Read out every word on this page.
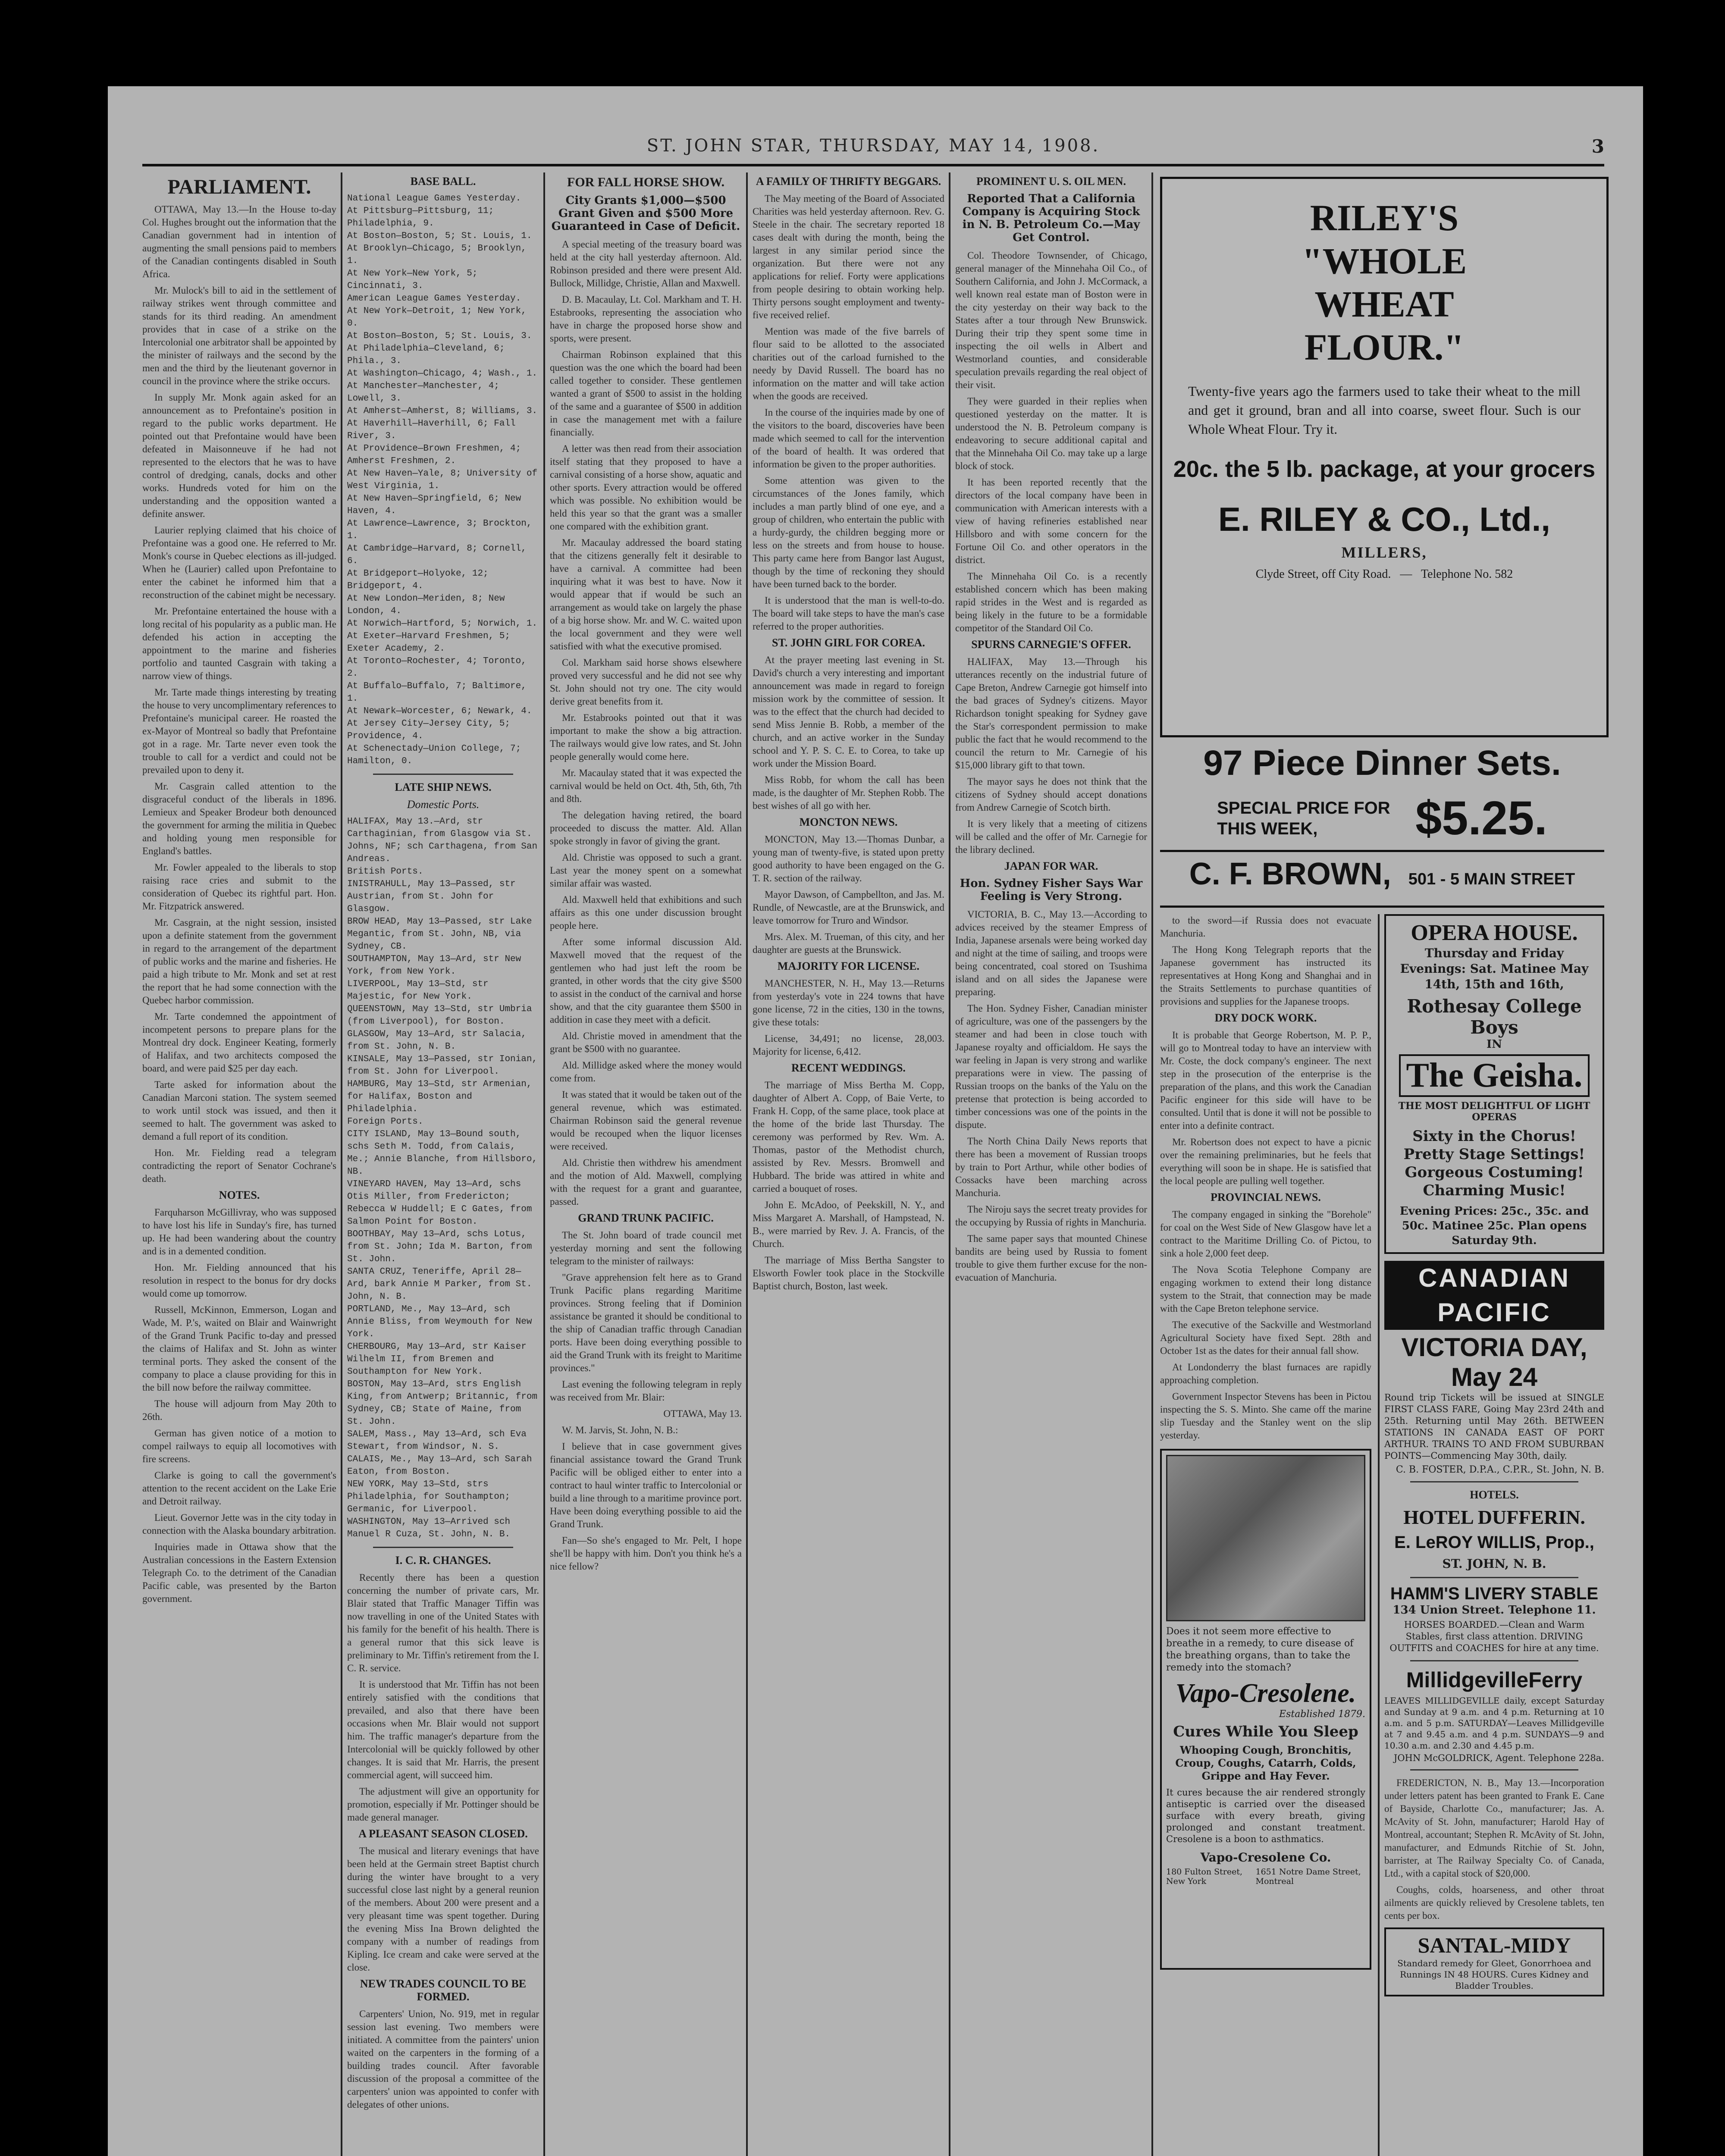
ST. JOHN STAR, THURSDAY, MAY 14, 1908.	3
PARLIAMENT.

OTTAWA, May 13.—In the House to-day Col. Hughes brought out the information that the Canadian government had in intention of augmenting the small pensions paid to members of the Canadian contingents disabled in South Africa.

Mr. Mulock's bill to aid in the settlement of railway strikes went through committee and stands for its third reading. An amendment provides that in case of a strike on the Intercolonial one arbitrator shall be appointed by the minister of railways and the second by the men and the third by the lieutenant governor in council in the province where the strike occurs.

In supply Mr. Monk again asked for an announcement as to Prefontaine's position in regard to the public works department. He pointed out that Prefontaine would have been defeated in Maisonneuve if he had not represented to the electors that he was to have control of dredging, canals, docks and other works. Hundreds voted for him on the understanding and the opposition wanted a definite answer.

Laurier replying claimed that his choice of Prefontaine was a good one. He referred to Mr. Monk's course in Quebec elections as ill-judged. When he (Laurier) called upon Prefontaine to enter the cabinet he informed him that a reconstruction of the cabinet might be necessary.

Mr. Prefontaine entertained the house with a long recital of his popularity as a public man. He defended his action in accepting the appointment to the marine and fisheries portfolio and taunted Casgrain with taking a narrow view of things.

Mr. Tarte made things interesting by treating the house to very uncomplimentary references to Prefontaine's municipal career. He roasted the ex-Mayor of Montreal so badly that Prefontaine got in a rage. Mr. Tarte never even took the trouble to call for a verdict and could not be prevailed upon to deny it.

Mr. Casgrain called attention to the disgraceful conduct of the liberals in 1896. Lemieux and Speaker Brodeur both denounced the government for arming the militia in Quebec and holding young men responsible for England's battles.

Mr. Fowler appealed to the liberals to stop raising race cries and submit to the consideration of Quebec its rightful part. Hon. Mr. Fitzpatrick answered.

Mr. Casgrain, at the night session, insisted upon a definite statement from the government in regard to the arrangement of the department of public works and the marine and fisheries. He paid a high tribute to Mr. Monk and set at rest the report that he had some connection with the Quebec harbor commission.

Mr. Tarte condemned the appointment of incompetent persons to prepare plans for the Montreal dry dock. Engineer Keating, formerly of Halifax, and two architects composed the board, and were paid $25 per day each.

Tarte asked for information about the Canadian Marconi station. The system seemed to work until stock was issued, and then it seemed to halt. The government was asked to demand a full report of its condition.

Hon. Mr. Fielding read a telegram contradicting the report of Senator Cochrane's death.

NOTES.

Farquharson McGillivray, who was supposed to have lost his life in Sunday's fire, has turned up. He had been wandering about the country and is in a demented condition.

Hon. Mr. Fielding announced that his resolution in respect to the bonus for dry docks would come up tomorrow.

Russell, McKinnon, Emmerson, Logan and Wade, M. P.'s, waited on Blair and Wainwright of the Grand Trunk Pacific to-day and pressed the claims of Halifax and St. John as winter terminal ports. They asked the consent of the company to place a clause providing for this in the bill now before the railway committee.

The house will adjourn from May 20th to 26th.

German has given notice of a motion to compel railways to equip all locomotives with fire screens.

Clarke is going to call the government's attention to the recent accident on the Lake Erie and Detroit railway.

Lieut. Governor Jette was in the city today in connection with the Alaska boundary arbitration.

Inquiries made in Ottawa show that the Australian concessions in the Eastern Extension Telegraph Co. to the detriment of the Canadian Pacific cable, was presented by the Barton government.

BASE BALL.
National League Games Yesterday.
At Pittsburg—Pittsburg, 11; Philadelphia, 9.
At Boston—Boston, 5; St. Louis, 1.
At Brooklyn—Chicago, 5; Brooklyn, 1.
At New York—New York, 5; Cincinnati, 3.
American League Games Yesterday.
At New York—Detroit, 1; New York, 0.
At Boston—Boston, 5; St. Louis, 3.
At Philadelphia—Cleveland, 6; Phila., 3.
At Washington—Chicago, 4; Wash., 1.
At Manchester—Manchester, 4; Lowell, 3.
At Amherst—Amherst, 8; Williams, 3.
At Haverhill—Haverhill, 6; Fall River, 3.
At Providence—Brown Freshmen, 4; Amherst Freshmen, 2.
At New Haven—Yale, 8; University of West Virginia, 1.
At New Haven—Springfield, 6; New Haven, 4.
At Lawrence—Lawrence, 3; Brockton, 1.
At Cambridge—Harvard, 8; Cornell, 6.
At Bridgeport—Holyoke, 12; Bridgeport, 4.
At New London—Meriden, 8; New London, 4.
At Norwich—Hartford, 5; Norwich, 1.
At Exeter—Harvard Freshmen, 5; Exeter Academy, 2.
At Toronto—Rochester, 4; Toronto, 2.
At Buffalo—Buffalo, 7; Baltimore, 1.
At Newark—Worcester, 6; Newark, 4.
At Jersey City—Jersey City, 5; Providence, 4.
At Schenectady—Union College, 7; Hamilton, 0.
LATE SHIP NEWS.
Domestic Ports.
HALIFAX, May 13.—Ard, str Carthaginian, from Glasgow via St. Johns, NF; sch Carthagena, from San Andreas.
British Ports.
INISTRAHULL, May 13—Passed, str Austrian, from St. John for Glasgow.
BROW HEAD, May 13—Passed, str Lake Megantic, from St. John, NB, via Sydney, CB.
SOUTHAMPTON, May 13—Ard, str New York, from New York.
LIVERPOOL, May 13—Std, str Majestic, for New York.
QUEENSTOWN, May 13—Std, str Umbria (from Liverpool), for Boston.
GLASGOW, May 13—Ard, str Salacia, from St. John, N. B.
KINSALE, May 13—Passed, str Ionian, from St. John for Liverpool.
HAMBURG, May 13—Std, str Armenian, for Halifax, Boston and Philadelphia.
Foreign Ports.
CITY ISLAND, May 13—Bound south, schs Seth M. Todd, from Calais, Me.; Annie Blanche, from Hillsboro, NB.
VINEYARD HAVEN, May 13—Ard, schs Otis Miller, from Fredericton; Rebecca W Huddell; E C Gates, from Salmon Point for Boston.
BOOTHBAY, May 13—Ard, schs Lotus, from St. John; Ida M. Barton, from St. John.
SANTA CRUZ, Teneriffe, April 28—Ard, bark Annie M Parker, from St. John, N. B.
PORTLAND, Me., May 13—Ard, sch Annie Bliss, from Weymouth for New York.
CHERBOURG, May 13—Ard, str Kaiser Wilhelm II, from Bremen and Southampton for New York.
BOSTON, May 13—Ard, strs English King, from Antwerp; Britannic, from Sydney, CB; State of Maine, from St. John.
SALEM, Mass., May 13—Ard, sch Eva Stewart, from Windsor, N. S.
CALAIS, Me., May 13—Ard, sch Sarah Eaton, from Boston.
NEW YORK, May 13—Std, strs Philadelphia, for Southampton; Germanic, for Liverpool.
WASHINGTON, May 13—Arrived sch Manuel R Cuza, St. John, N. B.
I. C. R. CHANGES.

Recently there has been a question concerning the number of private cars, Mr. Blair stated that Traffic Manager Tiffin was now travelling in one of the United States with his family for the benefit of his health. There is a general rumor that this sick leave is preliminary to Mr. Tiffin's retirement from the I. C. R. service.

It is understood that Mr. Tiffin has not been entirely satisfied with the conditions that prevailed, and also that there have been occasions when Mr. Blair would not support him. The traffic manager's departure from the Intercolonial will be quickly followed by other changes. It is said that Mr. Harris, the present commercial agent, will succeed him.

The adjustment will give an opportunity for promotion, especially if Mr. Pottinger should be made general manager.

A PLEASANT SEASON CLOSED.

The musical and literary evenings that have been held at the Germain street Baptist church during the winter have brought to a very successful close last night by a general reunion of the members. About 200 were present and a very pleasant time was spent together. During the evening Miss Ina Brown delighted the company with a number of readings from Kipling. Ice cream and cake were served at the close.

NEW TRADES COUNCIL TO BE FORMED.

Carpenters' Union, No. 919, met in regular session last evening. Two members were initiated. A committee from the painters' union waited on the carpenters in the forming of a building trades council. After favorable discussion of the proposal a committee of the carpenters' union was appointed to confer with delegates of other unions.

FOR FALL HORSE SHOW.
City Grants $1,000—$500 Grant Given and $500 More Guaranteed in Case of Deficit.

A special meeting of the treasury board was held at the city hall yesterday afternoon. Ald. Robinson presided and there were present Ald. Bullock, Millidge, Christie, Allan and Maxwell.

D. B. Macaulay, Lt. Col. Markham and T. H. Estabrooks, representing the association who have in charge the proposed horse show and sports, were present.

Chairman Robinson explained that this question was the one which the board had been called together to consider. These gentlemen wanted a grant of $500 to assist in the holding of the same and a guarantee of $500 in addition in case the management met with a failure financially.

A letter was then read from their association itself stating that they proposed to have a carnival consisting of a horse show, aquatic and other sports. Every attraction would be offered which was possible. No exhibition would be held this year so that the grant was a smaller one compared with the exhibition grant.

Mr. Macaulay addressed the board stating that the citizens generally felt it desirable to have a carnival. A committee had been inquiring what it was best to have. Now it would appear that if would be such an arrangement as would take on largely the phase of a big horse show. Mr. and W. C. waited upon the local government and they were well satisfied with what the executive promised.

Col. Markham said horse shows elsewhere proved very successful and he did not see why St. John should not try one. The city would derive great benefits from it.

Mr. Estabrooks pointed out that it was important to make the show a big attraction. The railways would give low rates, and St. John people generally would come here.

Mr. Macaulay stated that it was expected the carnival would be held on Oct. 4th, 5th, 6th, 7th and 8th.

The delegation having retired, the board proceeded to discuss the matter. Ald. Allan spoke strongly in favor of giving the grant.

Ald. Christie was opposed to such a grant. Last year the money spent on a somewhat similar affair was wasted.

Ald. Maxwell held that exhibitions and such affairs as this one under discussion brought people here.

After some informal discussion Ald. Maxwell moved that the request of the gentlemen who had just left the room be granted, in other words that the city give $500 to assist in the conduct of the carnival and horse show, and that the city guarantee them $500 in addition in case they meet with a deficit.

Ald. Christie moved in amendment that the grant be $500 with no guarantee.

Ald. Millidge asked where the money would come from.

It was stated that it would be taken out of the general revenue, which was estimated. Chairman Robinson said the general revenue would be recouped when the liquor licenses were received.

Ald. Christie then withdrew his amendment and the motion of Ald. Maxwell, complying with the request for a grant and guarantee, passed.

GRAND TRUNK PACIFIC.

The St. John board of trade council met yesterday morning and sent the following telegram to the minister of railways:

"Grave apprehension felt here as to Grand Trunk Pacific plans regarding Maritime provinces. Strong feeling that if Dominion assistance be granted it should be conditional to the ship of Canadian traffic through Canadian ports. Have been doing everything possible to aid the Grand Trunk with its freight to Maritime provinces."

Last evening the following telegram in reply was received from Mr. Blair:

OTTAWA, May 13.

W. M. Jarvis, St. John, N. B.:

I believe that in case government gives financial assistance toward the Grand Trunk Pacific will be obliged either to enter into a contract to haul winter traffic to Intercolonial or build a line through to a maritime province port. Have been doing everything possible to aid the Grand Trunk.

Fan—So she's engaged to Mr. Pelt, I hope she'll be happy with him. Don't you think he's a nice fellow?

A FAMILY OF THRIFTY BEGGARS.

The May meeting of the Board of Associated Charities was held yesterday afternoon. Rev. G. Steele in the chair. The secretary reported 18 cases dealt with during the month, being the largest in any similar period since the organization. But there were not any applications for relief. Forty were applications from people desiring to obtain working help. Thirty persons sought employment and twenty-five received relief.

Mention was made of the five barrels of flour said to be allotted to the associated charities out of the carload furnished to the needy by David Russell. The board has no information on the matter and will take action when the goods are received.

In the course of the inquiries made by one of the visitors to the board, discoveries have been made which seemed to call for the intervention of the board of health. It was ordered that information be given to the proper authorities.

Some attention was given to the circumstances of the Jones family, which includes a man partly blind of one eye, and a group of children, who entertain the public with a hurdy-gurdy, the children begging more or less on the streets and from house to house. This party came here from Bangor last August, though by the time of reckoning they should have been turned back to the border.

It is understood that the man is well-to-do. The board will take steps to have the man's case referred to the proper authorities.

ST. JOHN GIRL FOR COREA.

At the prayer meeting last evening in St. David's church a very interesting and important announcement was made in regard to foreign mission work by the committee of session. It was to the effect that the church had decided to send Miss Jennie B. Robb, a member of the church, and an active worker in the Sunday school and Y. P. S. C. E. to Corea, to take up work under the Mission Board.

Miss Robb, for whom the call has been made, is the daughter of Mr. Stephen Robb. The best wishes of all go with her.

MONCTON NEWS.

MONCTON, May 13.—Thomas Dunbar, a young man of twenty-five, is stated upon pretty good authority to have been engaged on the G. T. R. section of the railway.

Mayor Dawson, of Campbellton, and Jas. M. Rundle, of Newcastle, are at the Brunswick, and leave tomorrow for Truro and Windsor.

Mrs. Alex. M. Trueman, of this city, and her daughter are guests at the Brunswick.

MAJORITY FOR LICENSE.

MANCHESTER, N. H., May 13.—Returns from yesterday's vote in 224 towns that have gone license, 72 in the cities, 130 in the towns, give these totals:

License, 34,491; no license, 28,003. Majority for license, 6,412.

RECENT WEDDINGS.

The marriage of Miss Bertha M. Copp, daughter of Albert A. Copp, of Baie Verte, to Frank H. Copp, of the same place, took place at the home of the bride last Thursday. The ceremony was performed by Rev. Wm. A. Thomas, pastor of the Methodist church, assisted by Rev. Messrs. Bromwell and Hubbard. The bride was attired in white and carried a bouquet of roses.

John E. McAdoo, of Peekskill, N. Y., and Miss Margaret A. Marshall, of Hampstead, N. B., were married by Rev. J. A. Francis, of the Church.

The marriage of Miss Bertha Sangster to Elsworth Fowler took place in the Stockville Baptist church, Boston, last week.

PROMINENT U. S. OIL MEN.
Reported That a California Company is Acquiring Stock in N. B. Petroleum Co.—May Get Control.

Col. Theodore Townsender, of Chicago, general manager of the Minnehaha Oil Co., of Southern California, and John J. McCormack, a well known real estate man of Boston were in the city yesterday on their way back to the States after a tour through New Brunswick. During their trip they spent some time in inspecting the oil wells in Albert and Westmorland counties, and considerable speculation prevails regarding the real object of their visit.

They were guarded in their replies when questioned yesterday on the matter. It is understood the N. B. Petroleum company is endeavoring to secure additional capital and that the Minnehaha Oil Co. may take up a large block of stock.

It has been reported recently that the directors of the local company have been in communication with American interests with a view of having refineries established near Hillsboro and with some concern for the Fortune Oil Co. and other operators in the district.

The Minnehaha Oil Co. is a recently established concern which has been making rapid strides in the West and is regarded as being likely in the future to be a formidable competitor of the Standard Oil Co.

SPURNS CARNEGIE'S OFFER.

HALIFAX, May 13.—Through his utterances recently on the industrial future of Cape Breton, Andrew Carnegie got himself into the bad graces of Sydney's citizens. Mayor Richardson tonight speaking for Sydney gave the Star's correspondent permission to make public the fact that he would recommend to the council the return to Mr. Carnegie of his $15,000 library gift to that town.

The mayor says he does not think that the citizens of Sydney should accept donations from Andrew Carnegie of Scotch birth.

It is very likely that a meeting of citizens will be called and the offer of Mr. Carnegie for the library declined.

JAPAN FOR WAR.
Hon. Sydney Fisher Says War Feeling is Very Strong.

VICTORIA, B. C., May 13.—According to advices received by the steamer Empress of India, Japanese arsenals were being worked day and night at the time of sailing, and troops were being concentrated, coal stored on Tsushima island and on all sides the Japanese were preparing.

The Hon. Sydney Fisher, Canadian minister of agriculture, was one of the passengers by the steamer and had been in close touch with Japanese royalty and officialdom. He says the war feeling in Japan is very strong and warlike preparations were in view. The passing of Russian troops on the banks of the Yalu on the pretense that protection is being accorded to timber concessions was one of the points in the dispute.

The North China Daily News reports that there has been a movement of Russian troops by train to Port Arthur, while other bodies of Cossacks have been marching across Manchuria.

The Niroju says the secret treaty provides for the occupying by Russia of rights in Manchuria.

The same paper says that mounted Chinese bandits are being used by Russia to foment trouble to give them further excuse for the non-evacuation of Manchuria.

RILEY'S
"WHOLE
WHEAT
FLOUR."
Twenty-five years ago the farmers used to take their wheat to the mill and get it ground, bran and all into coarse, sweet flour. Such is our Whole Wheat Flour. Try it.
20c. the 5 lb. package, at your grocers
E. RILEY & CO., Ltd.,
MILLERS,
Clyde Street, off City Road.   —   Telephone No. 582
97 Piece Dinner Sets.
SPECIAL PRICE FOR THIS WEEK,	$5.25.
C. F. BROWN, 501 - 5 MAIN STREET

to the sword—if Russia does not evacuate Manchuria.

The Hong Kong Telegraph reports that the Japanese government has instructed its representatives at Hong Kong and Shanghai and in the Straits Settlements to purchase quantities of provisions and supplies for the Japanese troops.

DRY DOCK WORK.

It is probable that George Robertson, M. P. P., will go to Montreal today to have an interview with Mr. Coste, the dock company's engineer. The next step in the prosecution of the enterprise is the preparation of the plans, and this work the Canadian Pacific engineer for this side will have to be consulted. Until that is done it will not be possible to enter into a definite contract.

Mr. Robertson does not expect to have a picnic over the remaining preliminaries, but he feels that everything will soon be in shape. He is satisfied that the local people are pulling well together.

PROVINCIAL NEWS.

The company engaged in sinking the "Borehole" for coal on the West Side of New Glasgow have let a contract to the Maritime Drilling Co. of Pictou, to sink a hole 2,000 feet deep.

The Nova Scotia Telephone Company are engaging workmen to extend their long distance system to the Strait, that connection may be made with the Cape Breton telephone service.

The executive of the Sackville and Westmorland Agricultural Society have fixed Sept. 28th and October 1st as the dates for their annual fall show.

At Londonderry the blast furnaces are rapidly approaching completion.

Government Inspector Stevens has been in Pictou inspecting the S. S. Minto. She came off the marine slip Tuesday and the Stanley went on the slip yesterday.

Does it not seem more effective to breathe in a remedy, to cure disease of the breathing organs, than to take the remedy into the stomach?
Vapo-Cresolene.
Established 1879.
Cures While You Sleep
Whooping Cough, Bronchitis, Croup, Coughs, Catarrh, Colds, Grippe and Hay Fever.
It cures because the air rendered strongly antiseptic is carried over the diseased surface with every breath, giving prolonged and constant treatment. Cresolene is a boon to asthmatics.
Vapo-Cresolene Co.
180 Fulton Street, New York
1651 Notre Dame Street, Montreal
OPERA HOUSE.
Thursday and Friday Evenings: Sat. Matinee May 14th, 15th and 16th,
Rothesay College Boys
IN
The Geisha.
THE MOST DELIGHTFUL OF LIGHT OPERAS
Sixty in the Chorus! Pretty Stage Settings! Gorgeous Costuming! Charming Music!
Evening Prices: 25c., 35c. and 50c. Matinee 25c. Plan opens Saturday 9th.
CANADIAN
PACIFIC
VICTORIA DAY, May 24
Round trip Tickets will be issued at SINGLE FIRST CLASS FARE, Going May 23rd 24th and 25th. Returning until May 26th. BETWEEN STATIONS IN CANADA EAST OF PORT ARTHUR. TRAINS TO AND FROM SUBURBAN POINTS—Commencing May 30th, daily.
C. B. FOSTER, D.P.A., C.P.R., St. John, N. B.
HOTELS.
HOTEL DUFFERIN.
E. LeROY WILLIS, Prop.,
ST. JOHN, N. B.
HAMM'S LIVERY STABLE
134 Union Street. Telephone 11.
HORSES BOARDED.—Clean and Warm Stables, first class attention. DRIVING OUTFITS and COACHES for hire at any time.
MillidgevilleFerry
LEAVES MILLIDGEVILLE daily, except Saturday and Sunday at 9 a.m. and 4 p.m. Returning at 10 a.m. and 5 p.m. SATURDAY—Leaves Millidgeville at 7 and 9.45 a.m. and 4 p.m. SUNDAYS—9 and 10.30 a.m. and 2.30 and 4.45 p.m.
JOHN McGOLDRICK, Agent. Telephone 228a.

FREDERICTON, N. B., May 13.—Incorporation under letters patent has been granted to Frank E. Cane of Bayside, Charlotte Co., manufacturer; Jas. A. McAvity of St. John, manufacturer; Harold Hay of Montreal, accountant; Stephen R. McAvity of St. John, manufacturer, and Edmunds Ritchie of St. John, barrister, at The Railway Specialty Co. of Canada, Ltd., with a capital stock of $20,000.

Coughs, colds, hoarseness, and other throat ailments are quickly relieved by Cresolene tablets, ten cents per box.

SANTAL-MIDY
Standard remedy for Gleet, Gonorrhoea and Runnings IN 48 HOURS. Cures Kidney and Bladder Troubles.
